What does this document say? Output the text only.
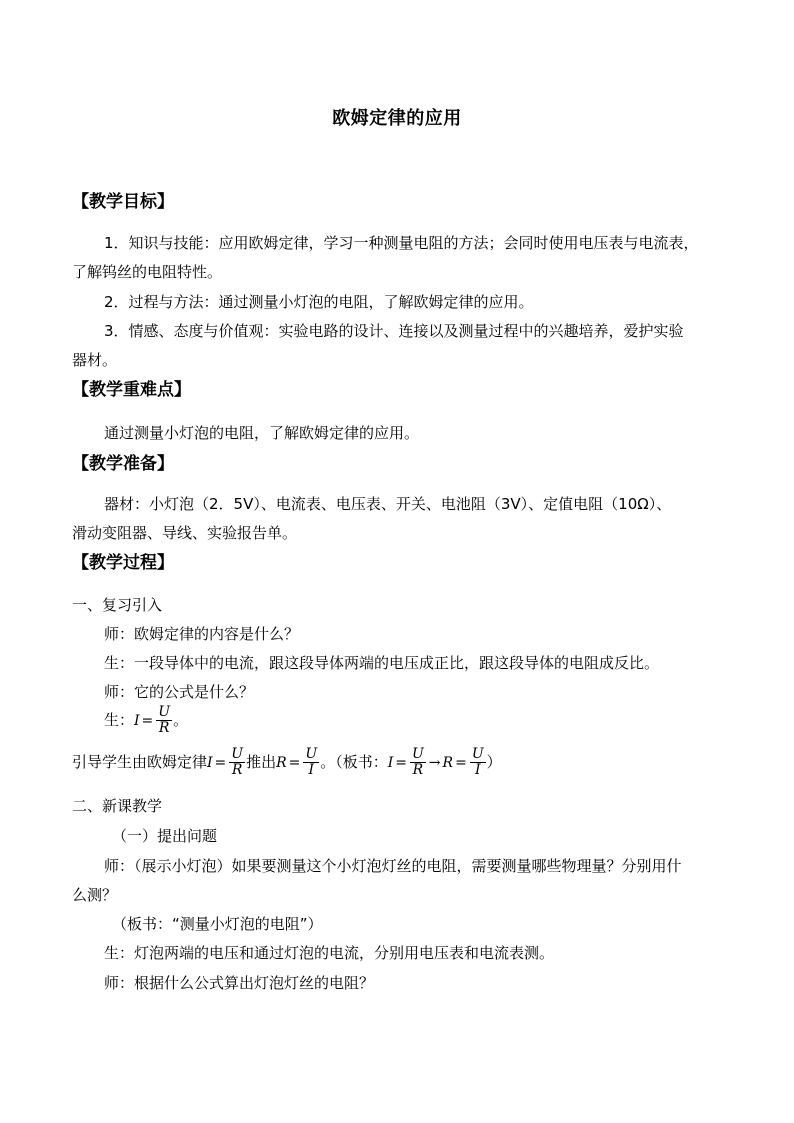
欧姆定律的应用
【教学目标】
1．知识与技能：应用欧姆定律，学习一种测量电阻的方法；会同时使用电压表与电流表，
了解钨丝的电阻特性。
2．过程与方法：通过测量小灯泡的电阻，了解欧姆定律的应用。
3．情感、态度与价值观：实验电路的设计、连接以及测量过程中的兴趣培养，爱护实验
器材。
【教学重难点】
通过测量小灯泡的电阻，了解欧姆定律的应用。
【教学准备】
器材：小灯泡（2．5V）、电流表、电压表、开关、电池阻（3V）、定值电阻（10Ω）、
滑动变阻器、导线、实验报告单。
【教学过程】
一、复习引入
师：欧姆定律的内容是什么？
生：一段导体中的电流，跟这段导体两端的电压成正比，跟这段导体的电阻成反比。
师：它的公式是什么？
生：$I = \frac{U}{R}$ 。
引导学生由欧姆定律$I = \frac{U}{R}$ 推出$R = \frac{U}{I}$ 。（板书：$I = \frac{U}{R} \to R = \frac{U}{I}$ ）
二、新课教学
（一）提出问题
师：（展示小灯泡）如果要测量这个小灯泡灯丝的电阻，需要测量哪些物理量？分别用什
么测？
（板书：“测量小灯泡的电阻”）
生：灯泡两端的电压和通过灯泡的电流，分别用电压表和电流表测。
师：根据什么公式算出灯泡灯丝的电阻？
